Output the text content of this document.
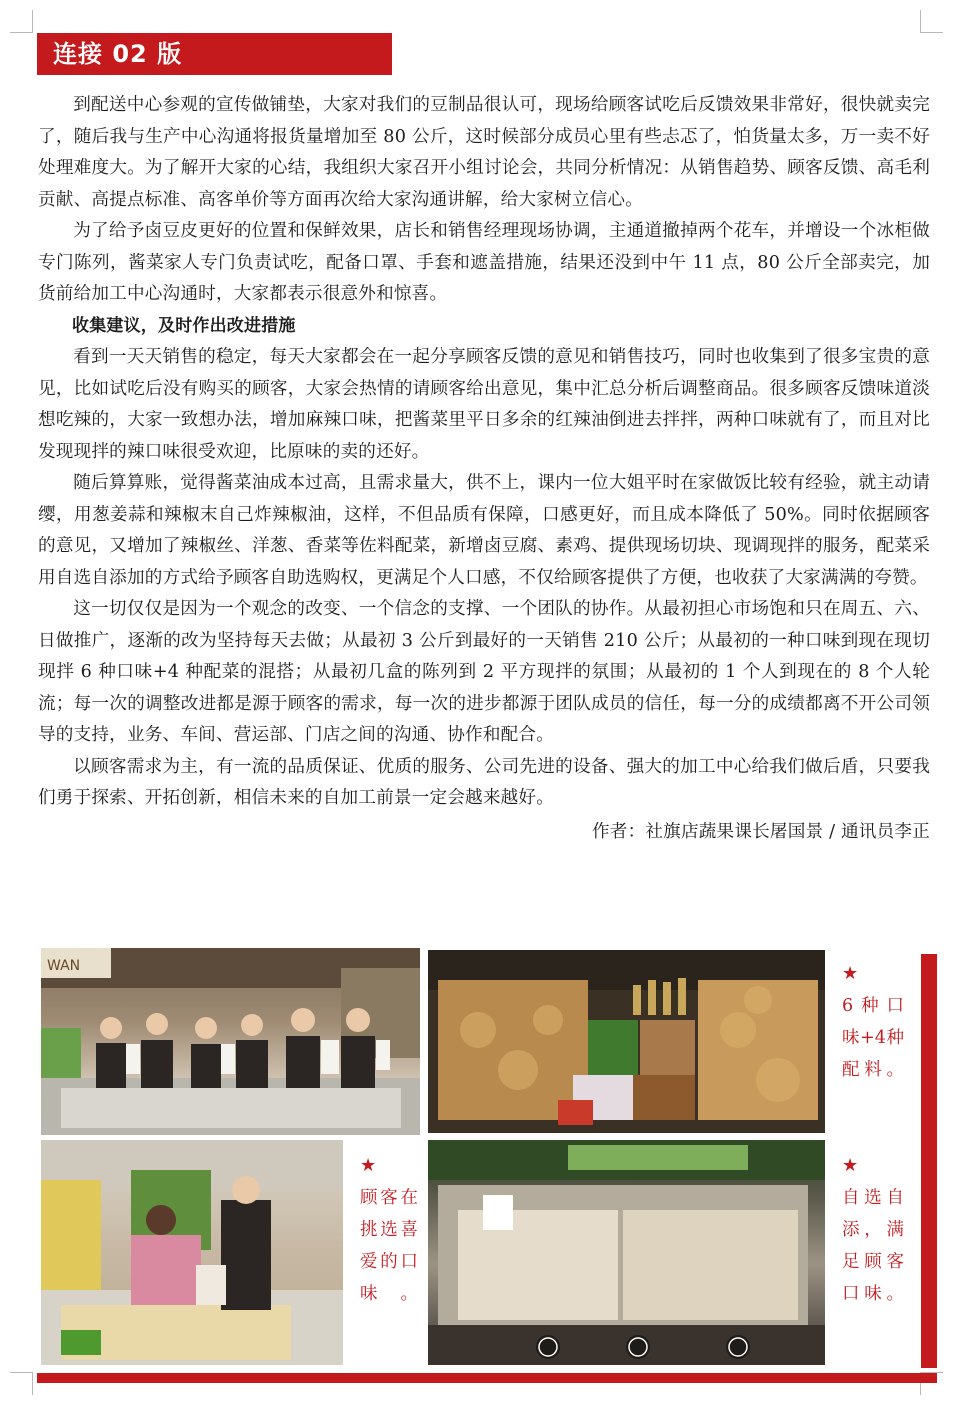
连接 02 版

到配送中心参观的宣传做铺垫，大家对我们的豆制品很认可，现场给顾客试吃后反馈效果非常好，很快就卖完了，随后我与生产中心沟通将报货量增加至 80 公斤，这时候部分成员心里有些忐忑了，怕货量太多，万一卖不好处理难度大。为了解开大家的心结，我组织大家召开小组讨论会，共同分析情况：从销售趋势、顾客反馈、高毛利贡献、高提点标准、高客单价等方面再次给大家沟通讲解，给大家树立信心。

为了给予卤豆皮更好的位置和保鲜效果，店长和销售经理现场协调，主通道撤掉两个花车，并增设一个冰柜做专门陈列，酱菜家人专门负责试吃，配备口罩、手套和遮盖措施，结果还没到中午 11 点，80 公斤全部卖完，加货前给加工中心沟通时，大家都表示很意外和惊喜。

收集建议，及时作出改进措施

看到一天天销售的稳定，每天大家都会在一起分享顾客反馈的意见和销售技巧，同时也收集到了很多宝贵的意见，比如试吃后没有购买的顾客，大家会热情的请顾客给出意见，集中汇总分析后调整商品。很多顾客反馈味道淡想吃辣的，大家一致想办法，增加麻辣口味，把酱菜里平日多余的红辣油倒进去拌拌，两种口味就有了，而且对比发现现拌的辣口味很受欢迎，比原味的卖的还好。

随后算算账，觉得酱菜油成本过高，且需求量大，供不上，课内一位大姐平时在家做饭比较有经验，就主动请缨，用葱姜蒜和辣椒末自己炸辣椒油，这样，不但品质有保障，口感更好，而且成本降低了 50%。同时依据顾客的意见，又增加了辣椒丝、洋葱、香菜等佐料配菜，新增卤豆腐、素鸡、提供现场切块、现调现拌的服务，配菜采用自选自添加的方式给予顾客自助选购权，更满足个人口感，不仅给顾客提供了方便，也收获了大家满满的夸赞。

这一切仅仅是因为一个观念的改变、一个信念的支撑、一个团队的协作。从最初担心市场饱和只在周五、六、日做推广，逐渐的改为坚持每天去做；从最初 3 公斤到最好的一天销售 210 公斤；从最初的一种口味到现在现切现拌 6 种口味+4 种配菜的混搭；从最初几盒的陈列到 2 平方现拌的氛围；从最初的 1 个人到现在的 8 个人轮流；每一次的调整改进都是源于顾客的需求，每一次的进步都源于团队成员的信任，每一分的成绩都离不开公司领导的支持，业务、车间、营运部、门店之间的沟通、协作和配合。

以顾客需求为主，有一流的品质保证、优质的服务、公司先进的设备、强大的加工中心给我们做后盾，只要我们勇于探索、开拓创新，相信未来的自加工前景一定会越来越好。

作者：社旗店蔬果课长屠国景 / 通讯员李正

WAN	★
6种口味+4种配料。
★
顾客在挑选喜爱的口味。
★
自选自添，满足顾客口味。
